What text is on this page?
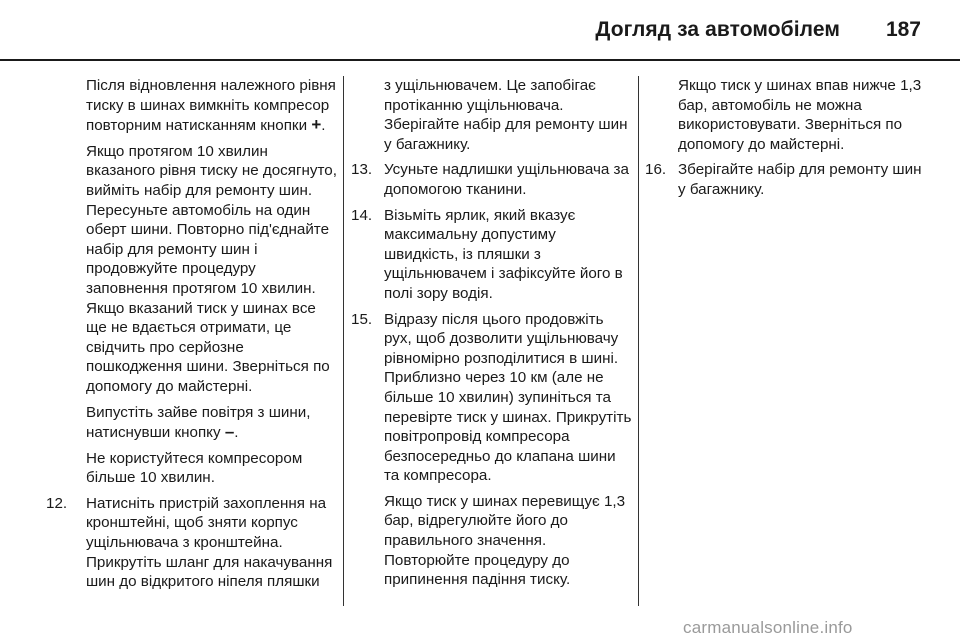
Догляд за автомобілем 187

Після відновлення належного рівня тиску в шинах вимкніть компресор повторним натисканням кнопки +.

Якщо протягом 10 хвилин вказаного рівня тиску не досягнуто, вийміть набір для ремонту шин. Пересуньте автомобіль на один оберт шини. Повторно під'єднайте набір для ремонту шин і продовжуйте процедуру заповнення протягом 10 хвилин. Якщо вказаний тиск у шинах все ще не вдається отримати, це свідчить про серйозне пошкодження шини. Зверніться по допомогу до майстерні.

Випустіть зайве повітря з шини, натиснувши кнопку –.

Не користуйтеся компресором більше 10 хвилин.

12. Натисніть пристрій захоплення на кронштейні, щоб зняти корпус ущільнювача з кронштейна. Прикрутіть шланг для накачування шин до відкритого ніпеля пляшки

з ущільнювачем. Це запобігає протіканню ущільнювача. Зберігайте набір для ремонту шин у багажнику.

13. Усуньте надлишки ущільнювача за допомогою тканини.
14. Візьміть ярлик, який вказує максимальну допустиму швидкість, із пляшки з ущільнювачем і зафіксуйте його в полі зору водія.
15. Відразу після цього продовжіть рух, щоб дозволити ущільнювачу рівномірно розподілитися в шині. Приблизно через 10 км (але не більше 10 хвилин) зупиніться та перевірте тиск у шинах. Прикрутіть повітропровід компресора безпосередньо до клапана шини та компресора.

Якщо тиск у шинах перевищує 1,3 бар, відрегулюйте його до правильного значення. Повторюйте процедуру до припинення падіння тиску.

Якщо тиск у шинах впав нижче 1,3 бар, автомобіль не можна використовувати. Зверніться по допомогу до майстерні.

16. Зберігайте набір для ремонту шин у багажнику.
carmanualsonline.info
